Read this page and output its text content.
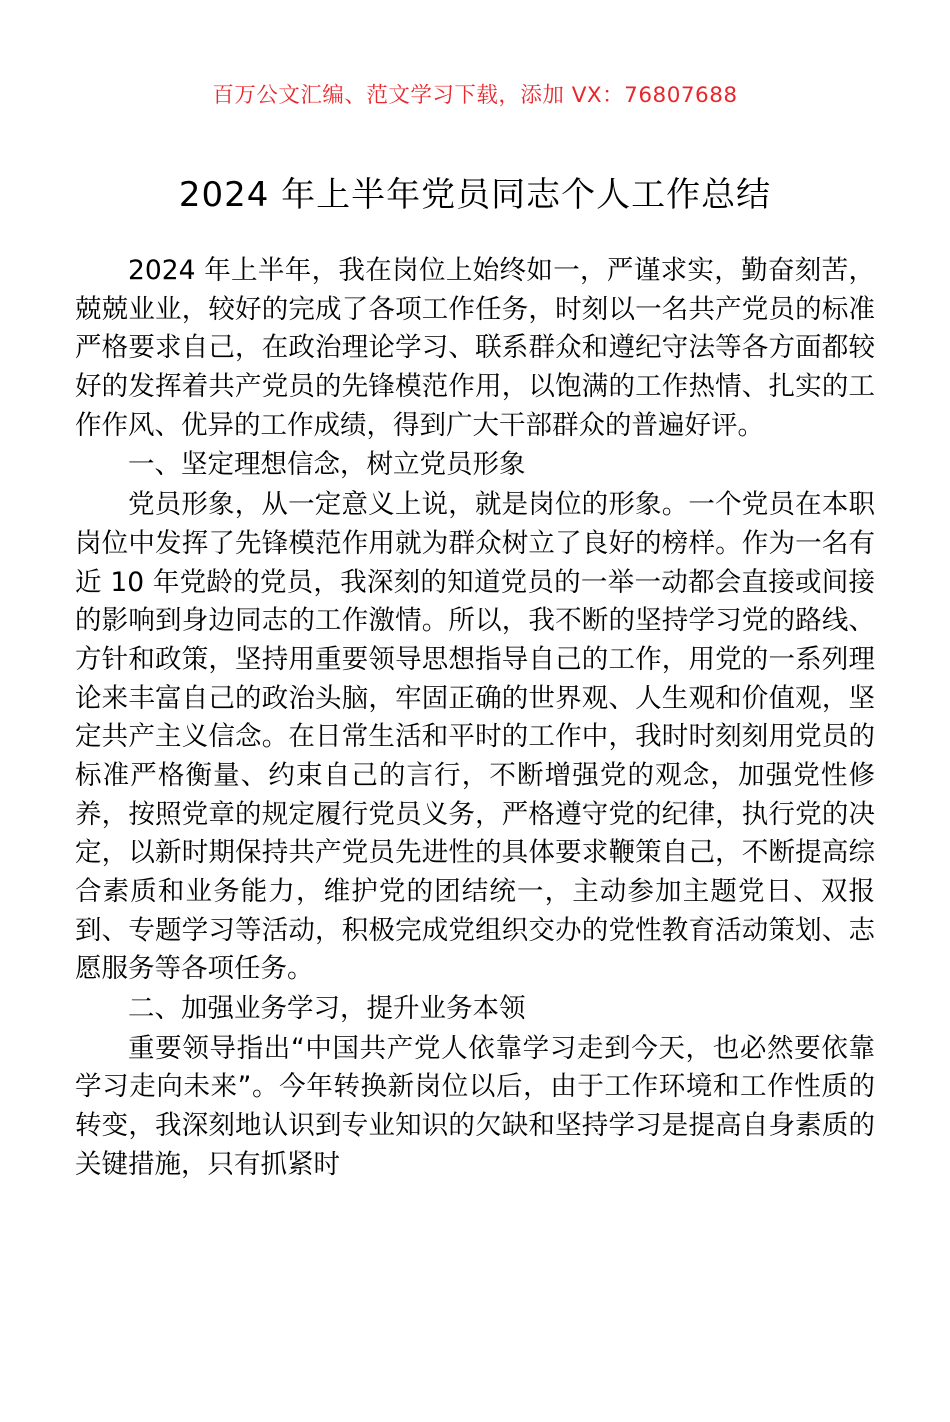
百万公文汇编、范文学习下载，添加 VX：76807688
2024 年上半年党员同志个人工作总结

2024 年上半年，我在岗位上始终如一，严谨求实，勤奋刻苦，兢兢业业，较好的完成了各项工作任务，时刻以一名共产党员的标准严格要求自己，在政治理论学习、联系群众和遵纪守法等各方面都较好的发挥着共产党员的先锋模范作用，以饱满的工作热情、扎实的工作作风、优异的工作成绩，得到广大干部群众的普遍好评。

一、坚定理想信念，树立党员形象

党员形象，从一定意义上说，就是岗位的形象。一个党员在本职岗位中发挥了先锋模范作用就为群众树立了良好的榜样。作为一名有近 10 年党龄的党员，我深刻的知道党员的一举一动都会直接或间接的影响到身边同志的工作激情。所以，我不断的坚持学习党的路线、方针和政策，坚持用重要领导思想指导自己的工作，用党的一系列理论来丰富自己的政治头脑，牢固正确的世界观、人生观和价值观，坚定共产主义信念。在日常生活和平时的工作中，我时时刻刻用党员的标准严格衡量、约束自己的言行，不断增强党的观念，加强党性修养，按照党章的规定履行党员义务，严格遵守党的纪律，执行党的决定，以新时期保持共产党员先进性的具体要求鞭策自己，不断提高综合素质和业务能力，维护党的团结统一，主动参加主题党日、双报到、专题学习等活动，积极完成党组织交办的党性教育活动策划、志愿服务等各项任务。

二、加强业务学习，提升业务本领

重要领导指出“中国共产党人依靠学习走到今天，也必然要依靠学习走向未来”。今年转换新岗位以后，由于工作环境和工作性质的转变，我深刻地认识到专业知识的欠缺和坚持学习是提高自身素质的关键措施，只有抓紧时
